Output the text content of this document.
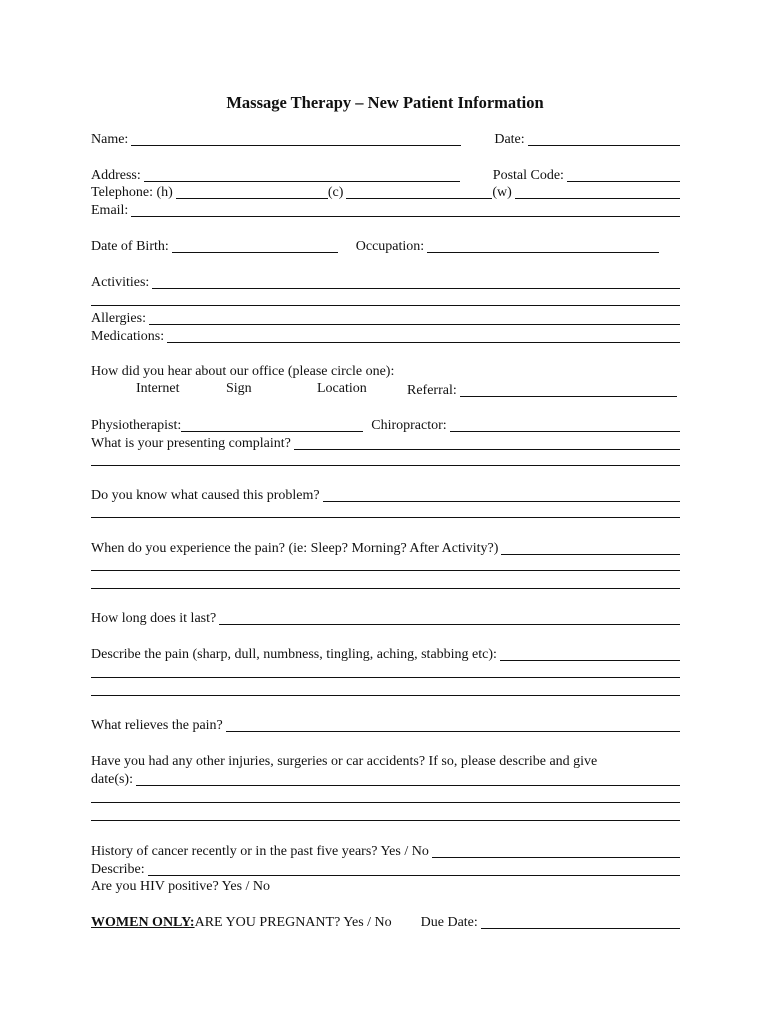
Massage Therapy – New Patient Information
Name:	Date:
Address:	Postal Code:
Telephone: (h)	(c)	(w)
Email:
Date of Birth:	Occupation:
Activities:
Allergies:
Medications:
How did you hear about our office (please circle one):
Internet	Sign	Location	Referral:
Physiotherapist:	Chiropractor:
What is your presenting complaint?
Do you know what caused this problem?
When do you experience the pain? (ie: Sleep? Morning? After Activity?)
How long does it last?
Describe the pain (sharp, dull, numbness, tingling, aching, stabbing etc):
What relieves the pain?
Have you had any other injuries, surgeries or car accidents? If so, please describe and give
date(s):
History of cancer recently or in the past five years? Yes / No
Describe:
Are you HIV positive? Yes / No
WOMEN ONLY: ARE YOU PREGNANT? Yes / No Due Date:
